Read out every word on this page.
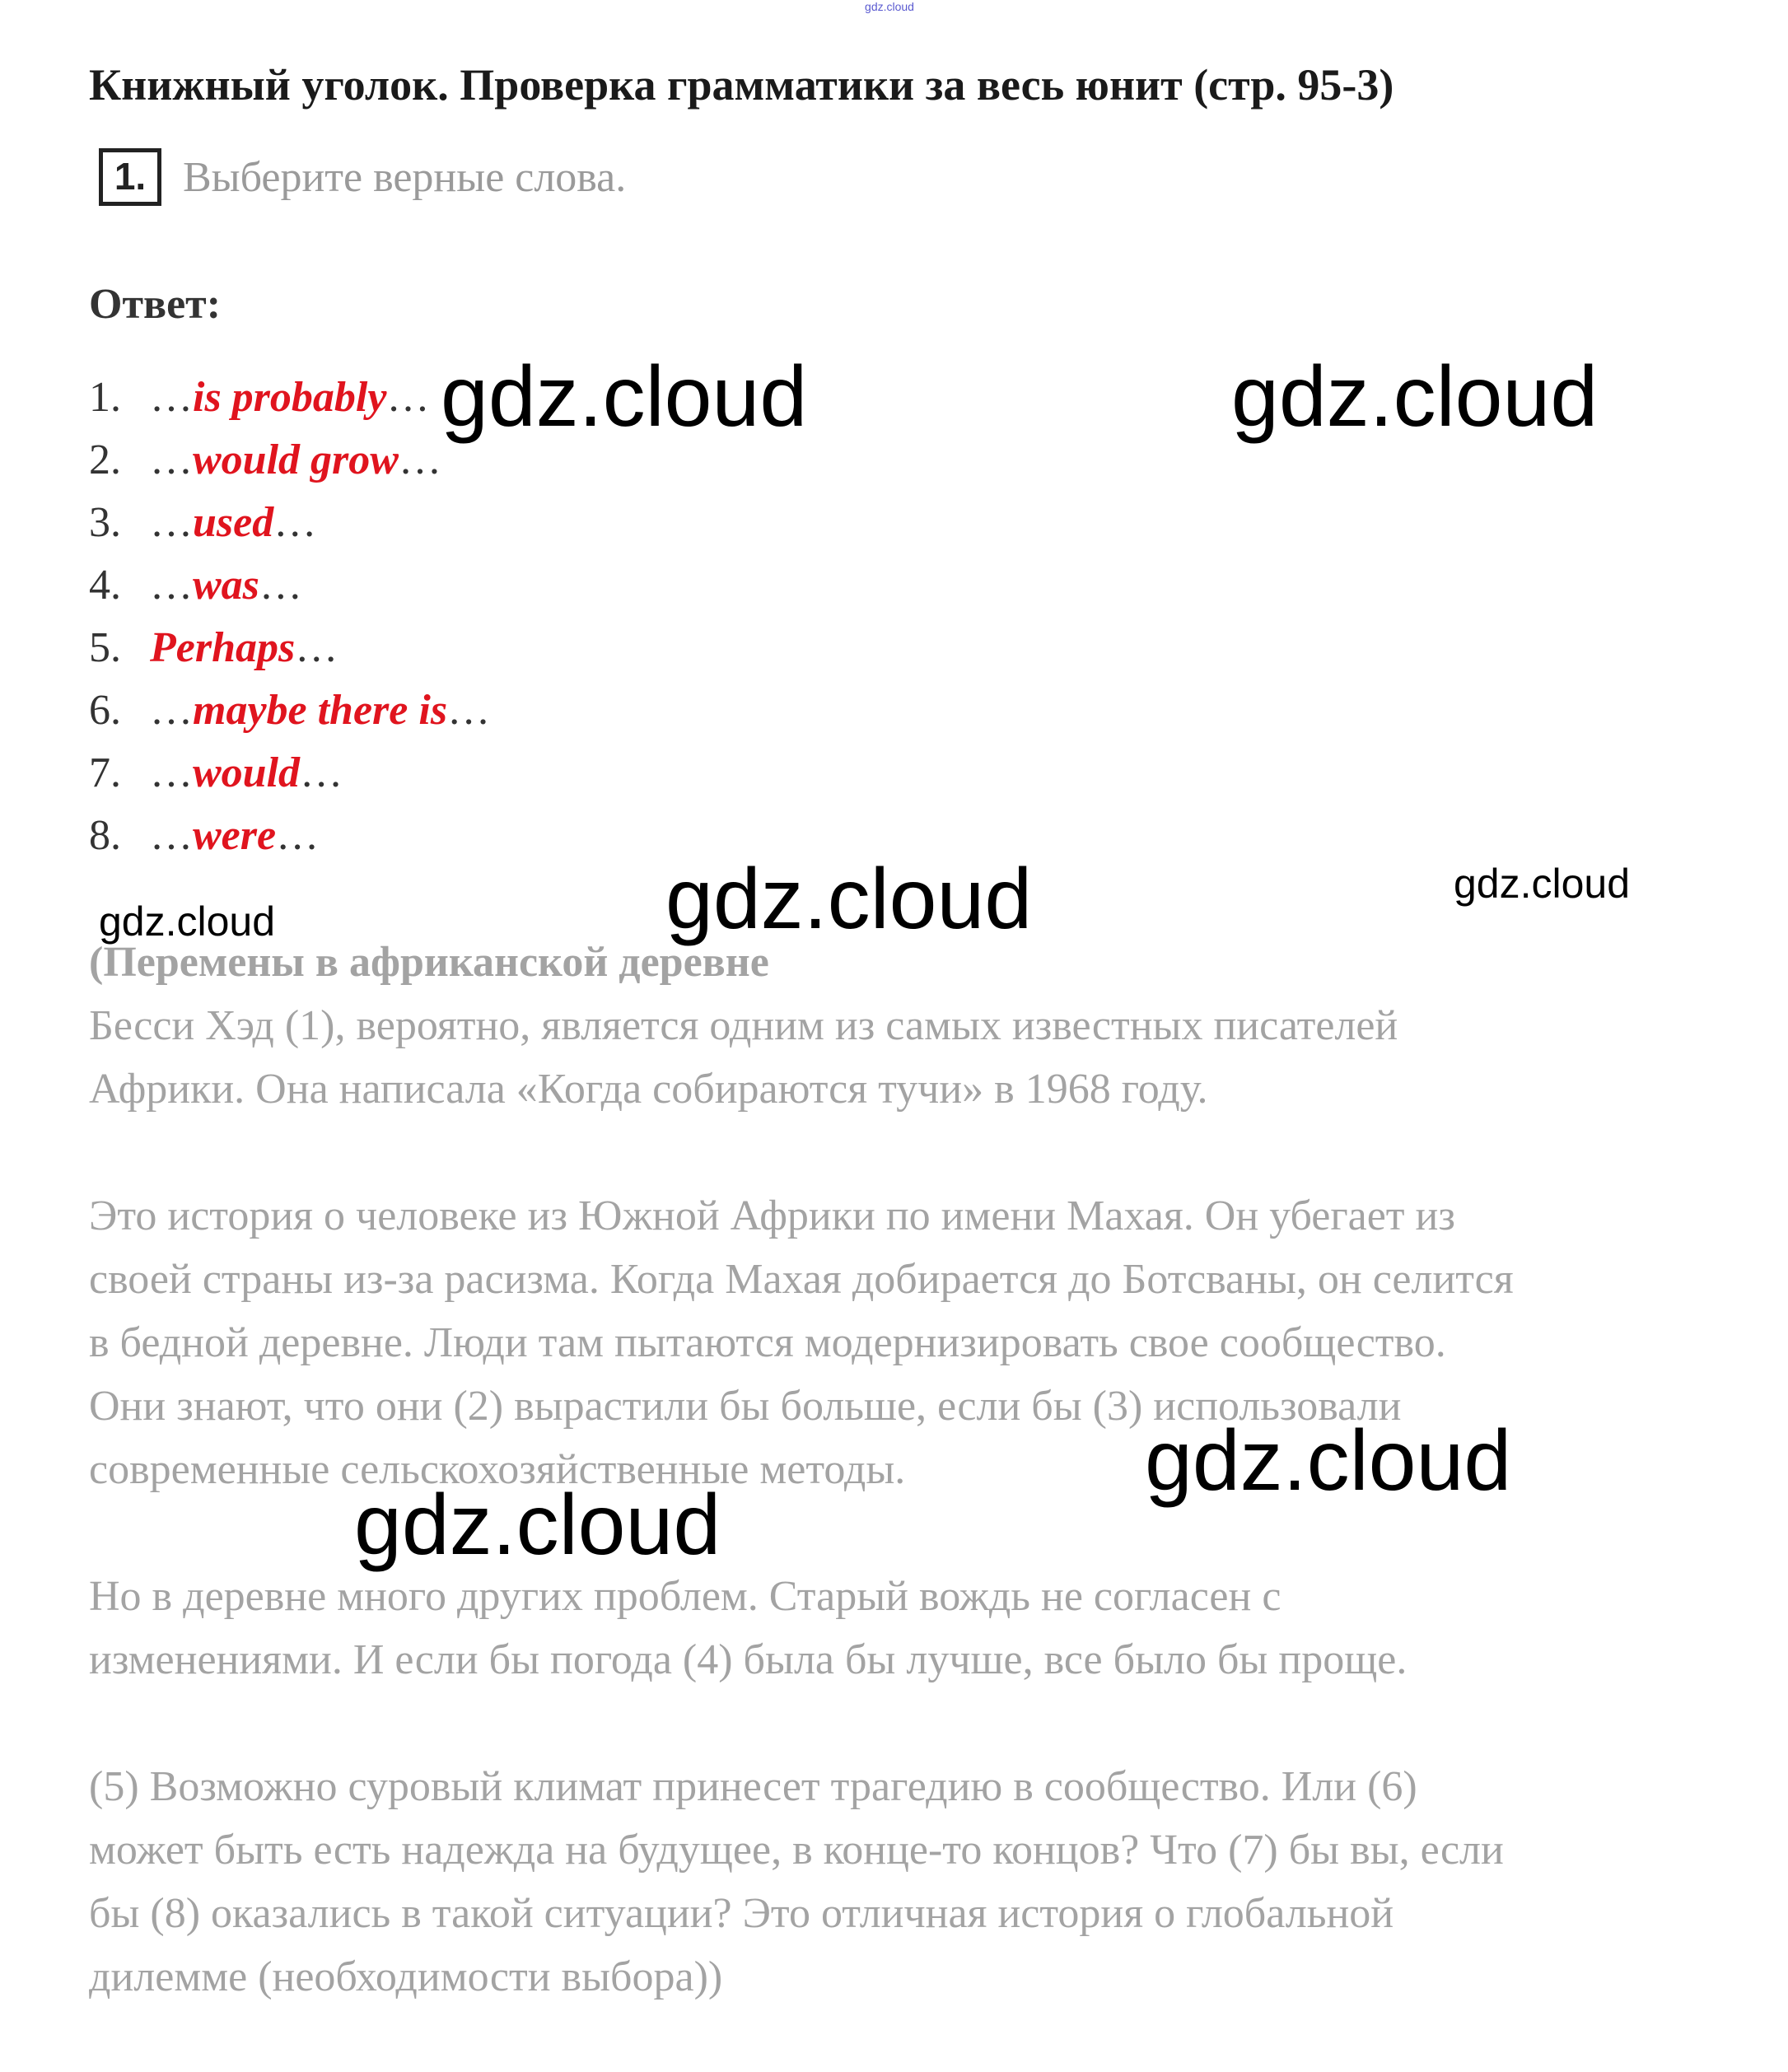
gdz.cloud
Книжный уголок. Проверка грамматики за весь юнит (стр. 95-3)
1. Выберите верные слова.
Ответ:
1. …is probably…
2. …would grow…
3. …used…
4. …was…
5. Perhaps…
6. …maybe there is…
7. …would…
8. …were…

(Перемены в африканской деревне

Бесси Хэд (1), вероятно, является одним из самых известных писателей
Африки. Она написала «Когда собираются тучи» в 1968 году.

Это история о человеке из Южной Африки по имени Махая. Он убегает из
своей страны из-за расизма. Когда Махая добирается до Ботсваны, он селится
в бедной деревне. Люди там пытаются модернизировать свое сообщество.
Они знают, что они (2) вырастили бы больше, если бы (3) использовали
современные сельскохозяйственные методы.

Но в деревне много других проблем. Старый вождь не согласен с
изменениями. И если бы погода (4) была бы лучше, все было бы проще.

(5) Возможно суровый климат принесет трагедию в сообщество. Или (6)
может быть есть надежда на будущее, в конце-то концов? Что (7) бы вы, если
бы (8) оказались в такой ситуации? Это отличная история о глобальной
дилемме (необходимости выбора))

gdz.cloud	gdz.cloud
gdz.cloud	gdz.cloud	gdz.cloud
gdz.cloud
gdz.cloud
